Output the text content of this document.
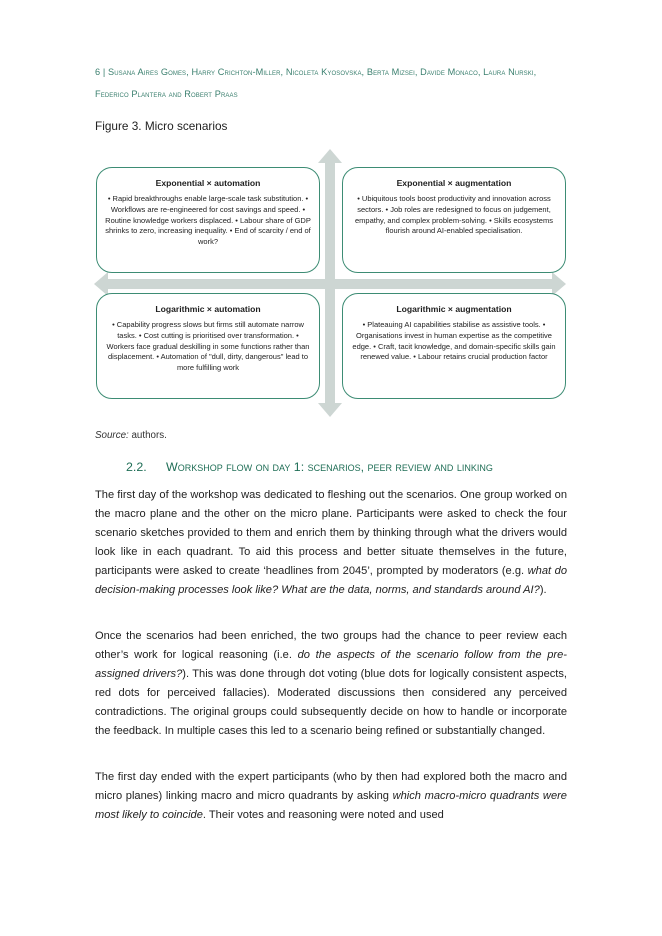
6 | Susana Aires Gomes, Harry Crichton-Miller, Nicoleta Kyosovska, Berta Mizsei, Davide Monaco, Laura Nurski,
Federico Plantera and Robert Praas
Figure 3. Micro scenarios
Exponential × automation

• Rapid breakthroughs enable large-scale task substitution. • Workflows are re-engineered for cost savings and speed. • Routine knowledge workers displaced. • Labour share of GDP shrinks to zero, increasing inequality. • End of scarcity / end of work?

Exponential × augmentation

• Ubiquitous tools boost productivity and innovation across sectors. • Job roles are redesigned to focus on judgement, empathy, and complex problem-solving. • Skills ecosystems flourish around AI-enabled specialisation.

Logarithmic × automation

• Capability progress slows but firms still automate narrow tasks. • Cost cutting is prioritised over transformation. • Workers face gradual deskilling in some functions rather than displacement. • Automation of "dull, dirty, dangerous" lead to more fulfilling work

Logarithmic × augmentation

• Plateauing AI capabilities stabilise as assistive tools. • Organisations invest in human expertise as the competitive edge. • Craft, tacit knowledge, and domain-specific skills gain renewed value. • Labour retains crucial production factor

Source: authors.
2.2. Workshop flow on day 1: scenarios, peer review and linking

The first day of the workshop was dedicated to fleshing out the scenarios. One group worked on the macro plane and the other on the micro plane. Participants were asked to check the four scenario sketches provided to them and enrich them by thinking through what the drivers would look like in each quadrant. To aid this process and better situate themselves in the future, participants were asked to create ‘headlines from 2045’, prompted by moderators (e.g. what do decision-making processes look like? What are the data, norms, and standards around AI?).

Once the scenarios had been enriched, the two groups had the chance to peer review each other’s work for logical reasoning (i.e. do the aspects of the scenario follow from the pre-assigned drivers?). This was done through dot voting (blue dots for logically consistent aspects, red dots for perceived fallacies). Moderated discussions then considered any perceived contradictions. The original groups could subsequently decide on how to handle or incorporate the feedback. In multiple cases this led to a scenario being refined or substantially changed.

The first day ended with the expert participants (who by then had explored both the macro and micro planes) linking macro and micro quadrants by asking which macro-micro quadrants were most likely to coincide. Their votes and reasoning were noted and used
